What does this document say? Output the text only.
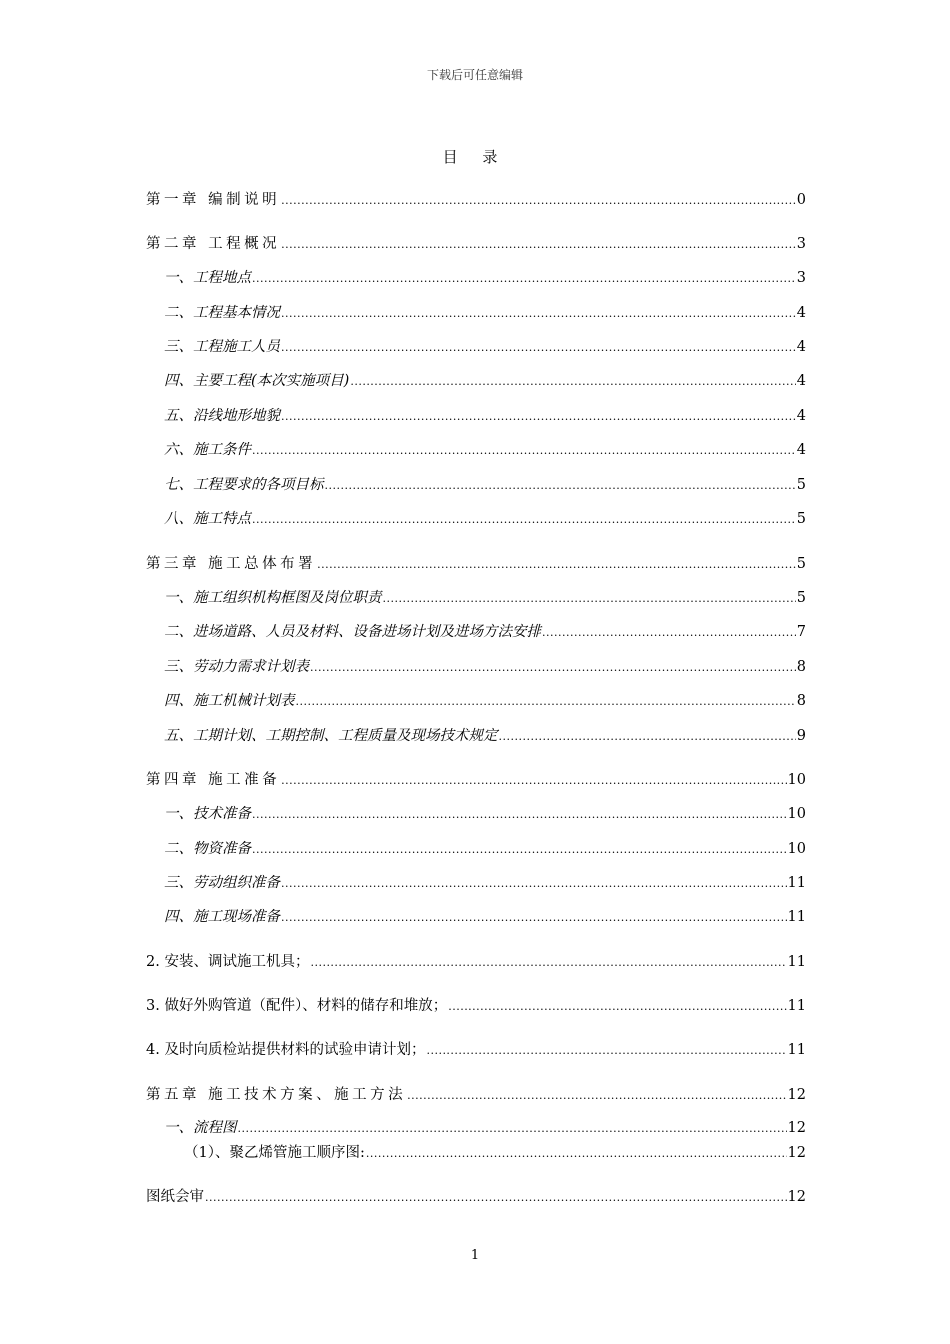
下载后可任意编辑
目 录
第一章 编制说明 .....	0
第二章 工程概况 .....	3
一、工程地点 .....	3
二、工程基本情况 .....	4
三、工程施工人员 .....	4
四、主要工程(本次实施项目) .....	4
五、沿线地形地貌 .....	4
六、施工条件 .....	4
七、工程要求的各项目标 .....	5
八、施工特点 .....	5
第三章 施工总体布署 .....	5
一、施工组织机构框图及岗位职责 .....	5
二、进场道路、人员及材料、设备进场计划及进场方法安排 .....	7
三、劳动力需求计划表 .....	8
四、施工机械计划表 .....	8
五、工期计划、工期控制、工程质量及现场技术规定 .....	9
第四章 施工准备 .....	10
一、技术准备 .....	10
二、物资准备 .....	10
三、劳动组织准备 .....	11
四、施工现场准备 .....	11
2. 安装、调试施工机具； .....	11
3. 做好外购管道（配件）、材料的储存和堆放； .....	11
4. 及时向质检站提供材料的试验申请计划； .....	11
第五章 施工技术方案、施工方法 .....	12
一、流程图 .....	12
（1）、聚乙烯管施工顺序图: .....	12
图纸会审 .....	12
1
